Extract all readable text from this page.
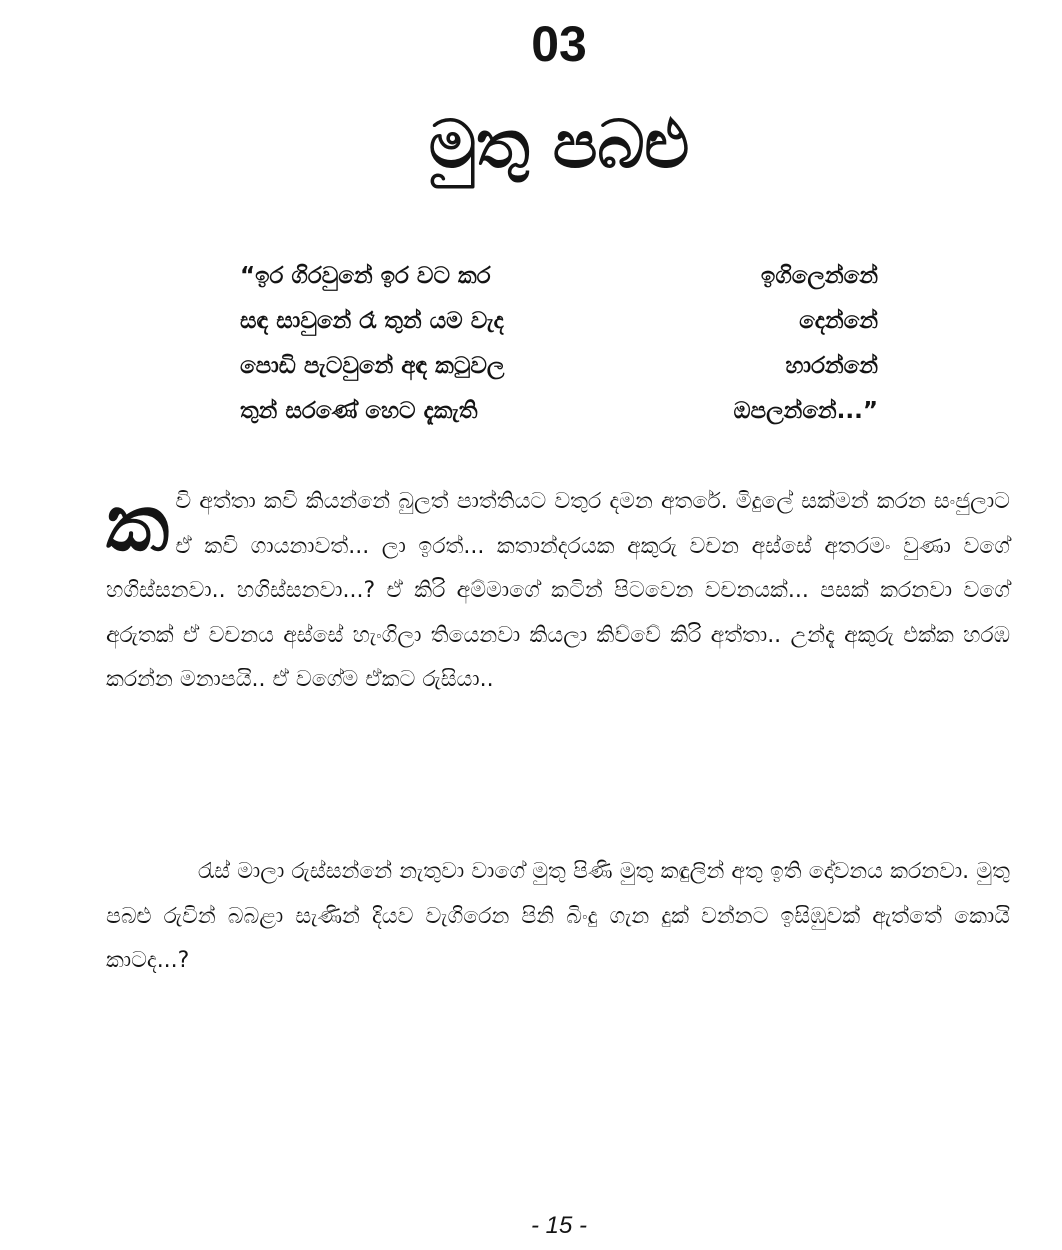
03
මුතු පබළු
“ඉර ගිරවුනේ ඉර වට කර	ඉගිලෙන්නේ
සඳ සාවුනේ රෑ තුන් යම වැද	දෙන්නේ
පොඩි පැටවුනේ අඳ කටුවල	හාරන්නේ
තුන් සරණේ හෙට දැකැති	ඔපලන්නේ...”
ක වි අත්තා කවි කියන්නේ බුලත් පාත්තියට වතුර දමන අතරේ. මිදුලේ සක්මන් කරන සංජුලාට ඒ කවි ගායනාවත්... ලා ඉරත්... කතාන්දරයක අකුරු වචන අස්සේ අතරමං වුණා වගේ හගිස්සනවා.. හගිස්සනවා...? ඒ කිරි අම්මාගේ කටින් පිටවෙන වචනයක්... පසක් කරනවා වගේ අරුතක් ඒ වචනය අස්සේ හැංගිලා තියෙනවා කියලා කිව්වේ කිරි අත්තා.. උන්දැ අකුරු එක්ක හරඹ කරන්න මනාපයි.. ඒ වගේම ඒකට රුසියා..
රැස් මාලා රුස්සන්නේ නැතුවා වාගේ මුතු පිණි මුතු කඳුලින් අතු ඉති දෝවනය කරනවා. මුතු පබළු රුවින් බබළා සැණින් දියව වැගිරෙන පිනි බිංදු ගැන දුක් වන්නට ඉසිඹුවක් ඇත්තේ කොයි කාටද...?
- 15 -
